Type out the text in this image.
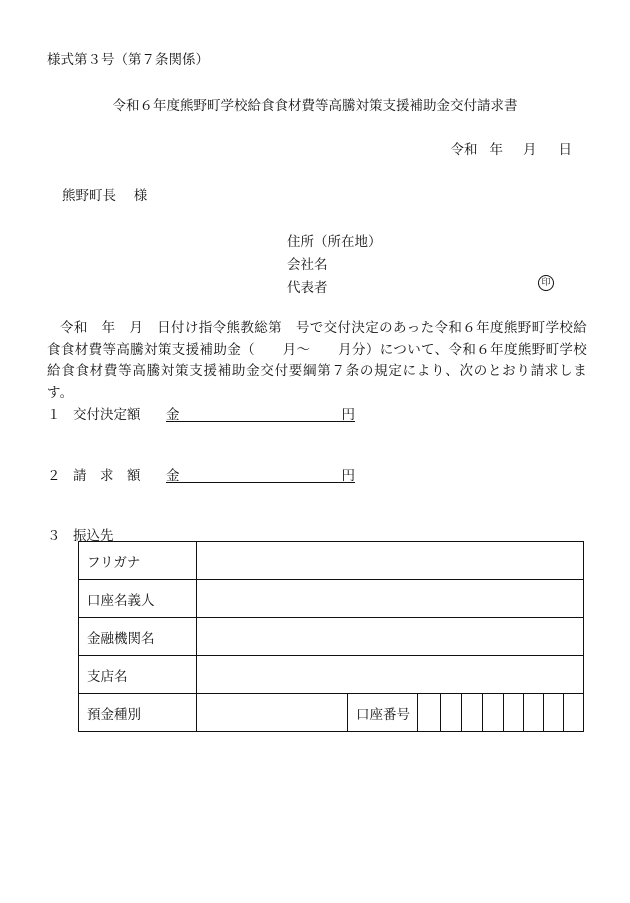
様式第３号（第７条関係）
令和６年度熊野町学校給食食材費等高騰対策支援補助金交付請求書
令和 年 月 日
熊野町長　 様
住所（所在地）
会社名
代表者	印
令和　年　月　日付け指令熊教総第　号で交付決定のあった令和６年度熊野町学校給食食材費等高騰対策支援補助金（　　月～　　月分）について、令和６年度熊野町学校給食食材費等高騰対策支援補助金交付要綱第７条の規定により、次のとおり請求します。
１ 交付決定額	金	円
２ 請　求　額	金	円
３ 振込先
フリガナ										
口座名義人										
金融機関名										
支店名										
預金種別		口座番号								
